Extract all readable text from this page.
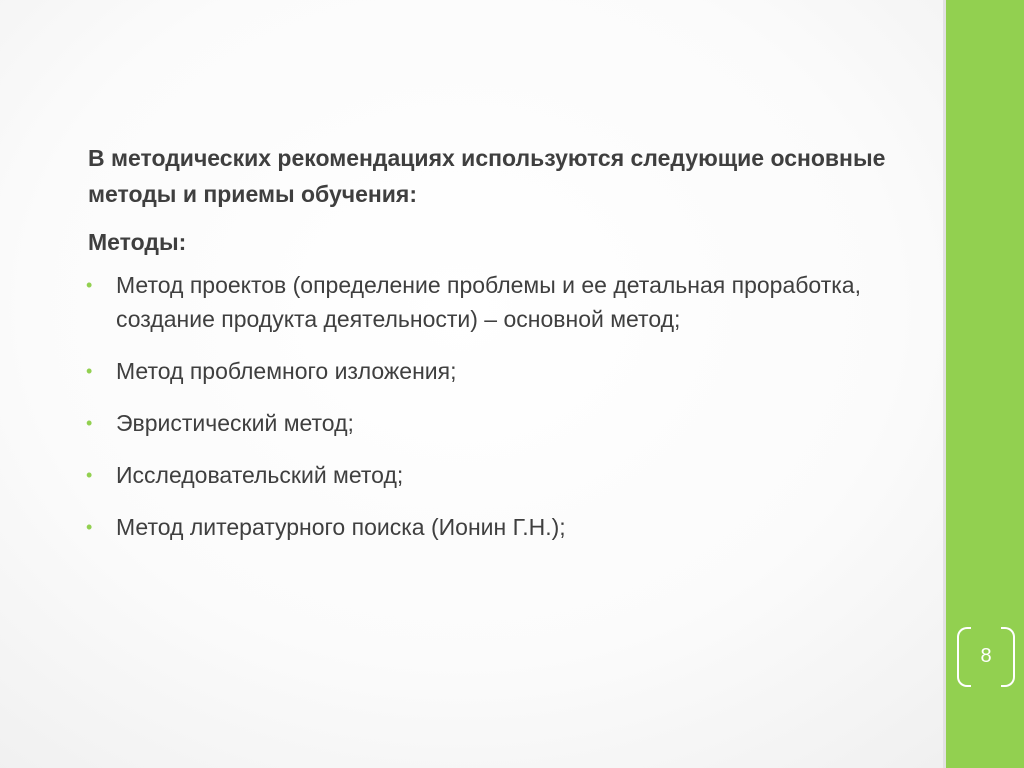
В методических рекомендациях используются следующие основные методы и приемы обучения:

Методы:

• Метод проектов (определение проблемы и ее детальная проработка, создание продукта деятельности) – основной метод;
• Метод проблемного изложения;
• Эвристический метод;
• Исследовательский метод;
• Метод литературного поиска (Ионин Г.Н.);
8
